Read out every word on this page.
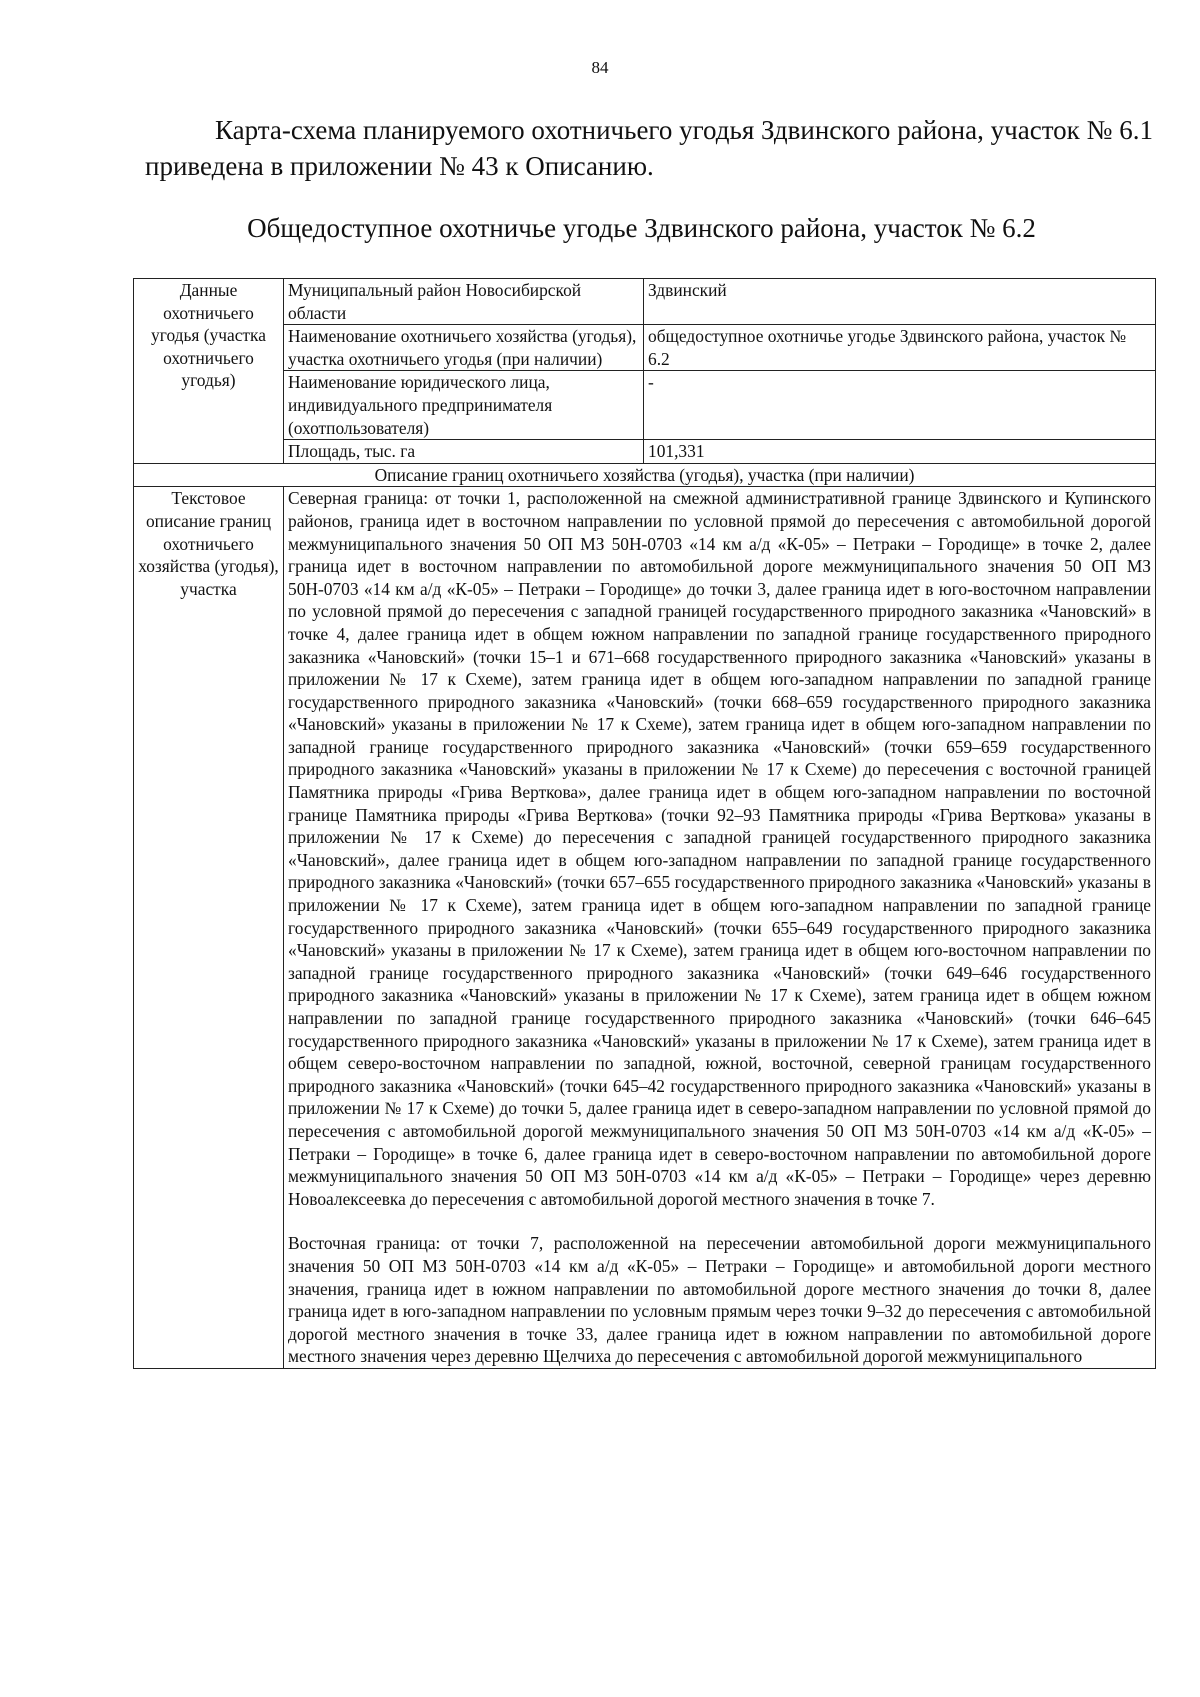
84

Карта-схема планируемого охотничьего угодья Здвинского района, участок № 6.1 приведена в приложении № 43 к Описанию.

Общедоступное охотничье угодье Здвинского района, участок № 6.2
Данные охотничьего угодья (участка охотничьего угодья)	Муниципальный район Новосибирской области	Здвинский
	Наименование охотничьего хозяйства (угодья), участка охотничьего угодья (при наличии)	общедоступное охотничье угодье Здвинского района, участок № 6.2
	Наименование юридического лица, индивидуального предпринимателя (охотпользователя)	-
	Площадь, тыс. га	101,331
Описание границ охотничьего хозяйства (угодья), участка (при наличии)		
Текстовое описание границ охотничьего хозяйства (угодья), участка	Северная граница: от точки 1, расположенной на смежной административной границе Здвинского и Купинского районов, граница идет в восточном направлении по условной прямой до пересечения с автомобильной дорогой межмуниципального значения 50 ОП МЗ 50Н-0703 «14 км а/д «К-05» – Петраки – Городище» в точке 2, далее граница идет в восточном направлении по автомобильной дороге межмуниципального значения 50 ОП МЗ 50Н-0703 «14 км а/д «К-05» – Петраки – Городище» до точки 3, далее граница идет в юго-восточном направлении по условной прямой до пересечения с западной границей государственного природного заказника «Чановский» в точке 4, далее граница идет в общем южном направлении по западной границе государственного природного заказника «Чановский» (точки 15–1 и 671–668 государственного природного заказника «Чановский» указаны в приложении № 17 к Схеме), затем граница идет в общем юго-западном направлении по западной границе государственного природного заказника «Чановский» (точки 668–659 государственного природного заказника «Чановский» указаны в приложении № 17 к Схеме), затем граница идет в общем юго-западном направлении по западной границе государственного природного заказника «Чановский» (точки 659–659 государственного природного заказника «Чановский» указаны в приложении № 17 к Схеме) до пересечения с восточной границей Памятника природы «Грива Верткова», далее граница идет в общем юго-западном направлении по восточной границе Памятника природы «Грива Верткова» (точки 92–93 Памятника природы «Грива Верткова» указаны в приложении № 17 к Схеме) до пересечения с западной границей государственного природного заказника «Чановский», далее граница идет в общем юго-западном направлении по западной границе государственного природного заказника «Чановский» (точки 657–655 государственного природного заказника «Чановский» указаны в приложении № 17 к Схеме), затем граница идет в общем юго-западном направлении по западной границе государственного природного заказника «Чановский» (точки 655–649 государственного природного заказника «Чановский» указаны в приложении № 17 к Схеме), затем граница идет в общем юго-восточном направлении по западной границе государственного природного заказника «Чановский» (точки 649–646 государственного природного заказника «Чановский» указаны в приложении № 17 к Схеме), затем граница идет в общем южном направлении по западной границе государственного природного заказника «Чановский» (точки 646–645 государственного природного заказника «Чановский» указаны в приложении № 17 к Схеме), затем граница идет в общем северо-восточном направлении по западной, южной, восточной, северной границам государственного природного заказника «Чановский» (точки 645–42 государственного природного заказника «Чановский» указаны в приложении № 17 к Схеме) до точки 5, далее граница идет в северо-западном направлении по условной прямой до пересечения с автомобильной дорогой межмуниципального значения 50 ОП МЗ 50Н-0703 «14 км а/д «К-05» – Петраки – Городище» в точке 6, далее граница идет в северо-восточном направлении по автомобильной дороге межмуниципального значения 50 ОП МЗ 50Н-0703 «14 км а/д «К-05» – Петраки – Городище» через деревню Новоалексеевка до пересечения с автомобильной дорогой местного значения в точке 7.

Восточная граница: от точки 7, расположенной на пересечении автомобильной дороги межмуниципального значения 50 ОП МЗ 50Н-0703 «14 км а/д «К-05» – Петраки – Городище» и автомобильной дороги местного значения, граница идет в южном направлении по автомобильной дороге местного значения до точки 8, далее граница идет в юго-западном направлении по условным прямым через точки 9–32 до пересечения с автомобильной дорогой местного значения в точке 33, далее граница идет в южном направлении по автомобильной дороге местного значения через деревню Щелчиха до пересечения с автомобильной дорогой межмуниципального	
